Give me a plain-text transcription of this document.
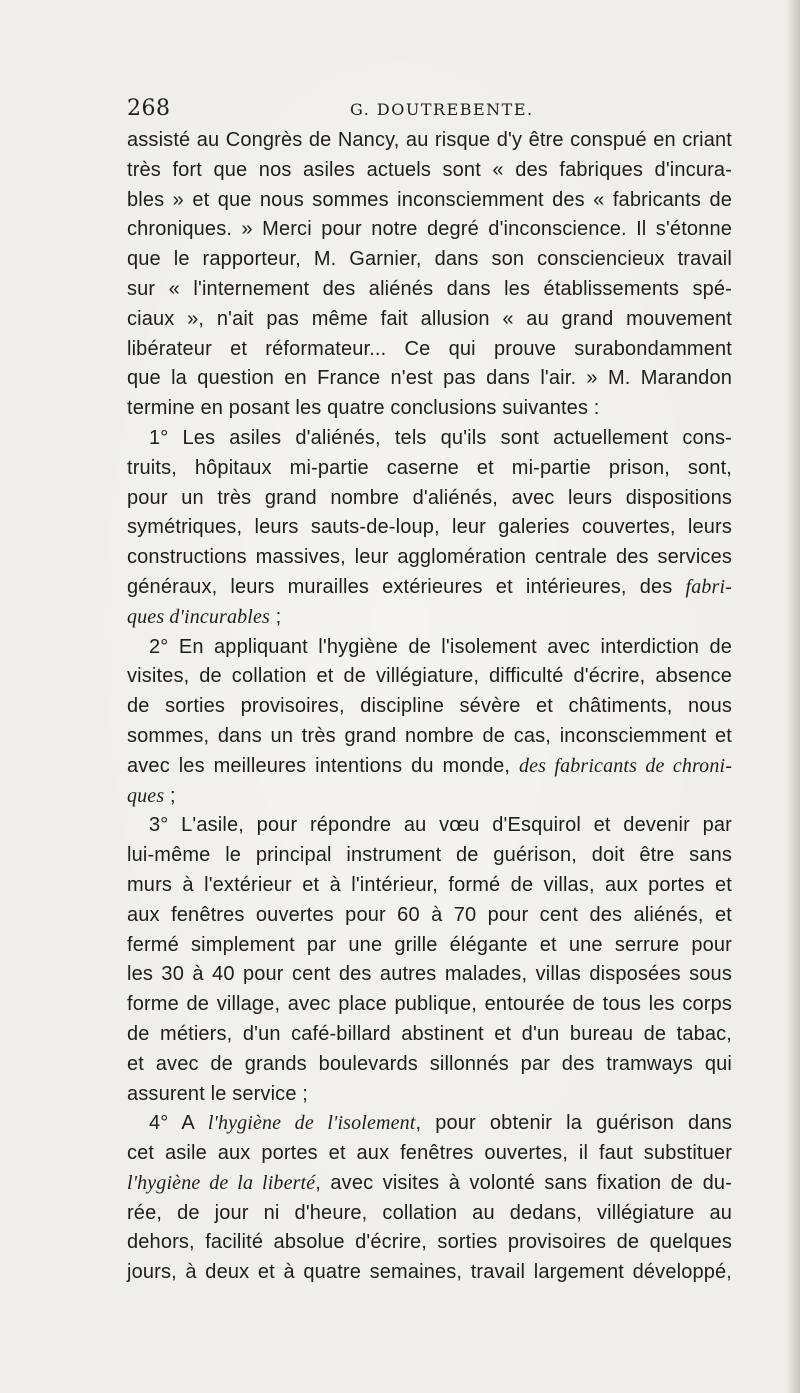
268	G. DOUTREBENTE.
assisté au Congrès de Nancy, au risque d'y être conspué en criant
très fort que nos asiles actuels sont « des fabriques d'incura-
bles » et que nous sommes inconsciemment des « fabricants de
chroniques. » Merci pour notre degré d'inconscience. Il s'étonne
que le rapporteur, M. Garnier, dans son consciencieux travail
sur « l'internement des aliénés dans les établissements spé-
ciaux », n'ait pas même fait allusion « au grand mouvement
libérateur et réformateur... Ce qui prouve surabondamment
que la question en France n'est pas dans l'air. » M. Marandon
termine en posant les quatre conclusions suivantes :
1° Les asiles d'aliénés, tels qu'ils sont actuellement cons-
truits, hôpitaux mi-partie caserne et mi-partie prison, sont,
pour un très grand nombre d'aliénés, avec leurs dispositions
symétriques, leurs sauts-de-loup, leur galeries couvertes, leurs
constructions massives, leur agglomération centrale des services
généraux, leurs murailles extérieures et intérieures, des fabri-
ques d'incurables ;
2° En appliquant l'hygiène de l'isolement avec interdiction de
visites, de collation et de villégiature, difficulté d'écrire, absence
de sorties provisoires, discipline sévère et châtiments, nous
sommes, dans un très grand nombre de cas, inconsciemment et
avec les meilleures intentions du monde, des fabricants de chroni-
ques ;
3° L'asile, pour répondre au vœu d'Esquirol et devenir par
lui-même le principal instrument de guérison, doit être sans
murs à l'extérieur et à l'intérieur, formé de villas, aux portes et
aux fenêtres ouvertes pour 60 à 70 pour cent des aliénés, et
fermé simplement par une grille élégante et une serrure pour
les 30 à 40 pour cent des autres malades, villas disposées sous
forme de village, avec place publique, entourée de tous les corps
de métiers, d'un café-billard abstinent et d'un bureau de tabac,
et avec de grands boulevards sillonnés par des tramways qui
assurent le service ;
4° A l'hygiène de l'isolement, pour obtenir la guérison dans
cet asile aux portes et aux fenêtres ouvertes, il faut substituer
l'hygiène de la liberté, avec visites à volonté sans fixation de du-
rée, de jour ni d'heure, collation au dedans, villégiature au
dehors, facilité absolue d'écrire, sorties provisoires de quelques
jours, à deux et à quatre semaines, travail largement développé,
